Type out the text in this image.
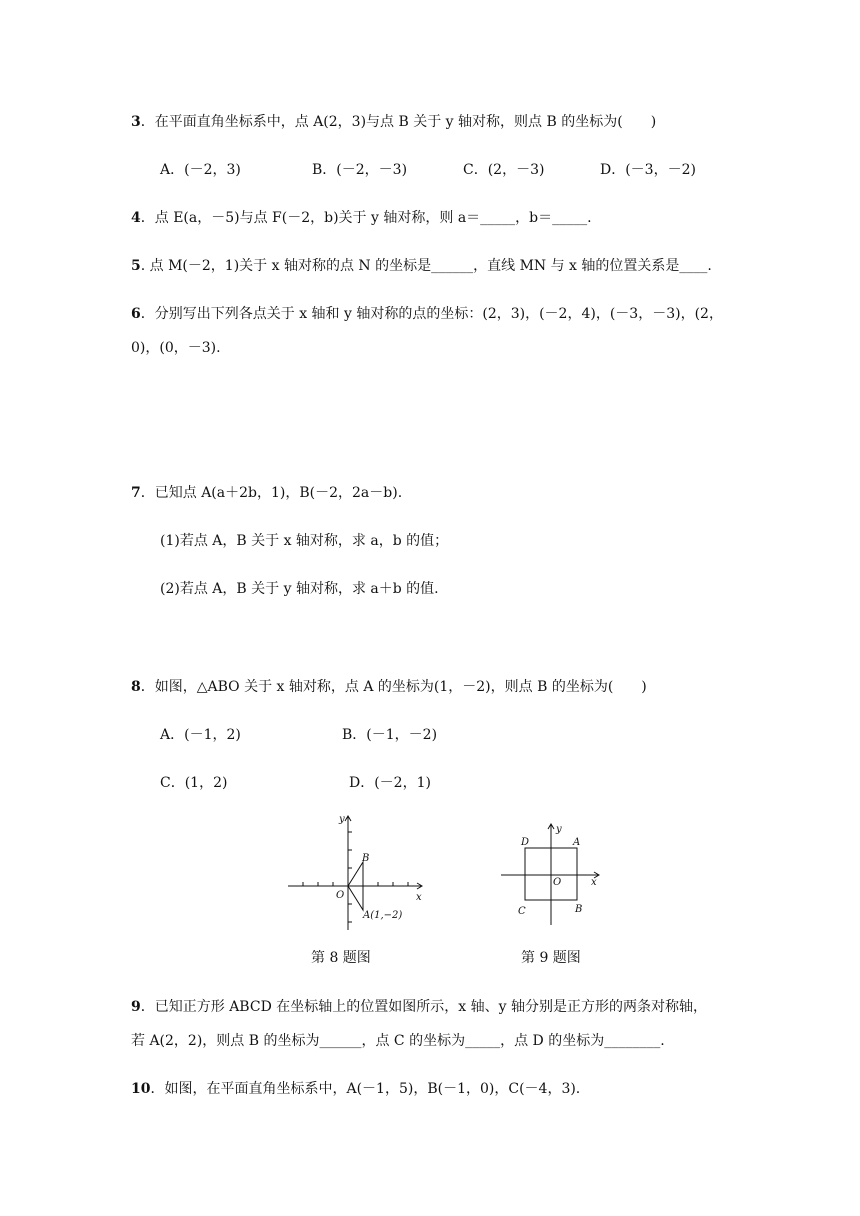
3．在平面直角坐标系中，点 A(2，3)与点 B 关于 y 轴对称，则点 B 的坐标为(　　)
A．(－2，3)	B．(－2，－3)	C．(2，－3)	D．(－3，－2)
4．点 E(a，－5)与点 F(－2，b)关于 y 轴对称，则 a＝_____，b＝_____.
5. 点 M(－2，1)关于 x 轴对称的点 N 的坐标是______，直线 MN 与 x 轴的位置关系是____.
6．分别写出下列各点关于 x 轴和 y 轴对称的点的坐标：(2，3)，(－2，4)，(－3，－3)，(2，
0)，(0，－3).
7．已知点 A(a＋2b，1)，B(－2，2a－b).
(1)若点 A，B 关于 x 轴对称，求 a，b 的值；
(2)若点 A，B 关于 y 轴对称，求 a＋b 的值.
8．如图，△ABO 关于 x 轴对称，点 A 的坐标为(1，－2)，则点 B 的坐标为(　　)
A．(－1，2)	B．(－1，－2)
C．(1，2)	D．(－2，1)
y
x
O
B
A(1,−2)
第 8 题图
y
x
O
A
D
B
C
第 9 题图
9．已知正方形 ABCD 在坐标轴上的位置如图所示，x 轴、y 轴分别是正方形的两条对称轴，
若 A(2，2)，则点 B 的坐标为______，点 C 的坐标为_____，点 D 的坐标为________.
10．如图，在平面直角坐标系中，A(－1，5)，B(－1，0)，C(－4，3).
